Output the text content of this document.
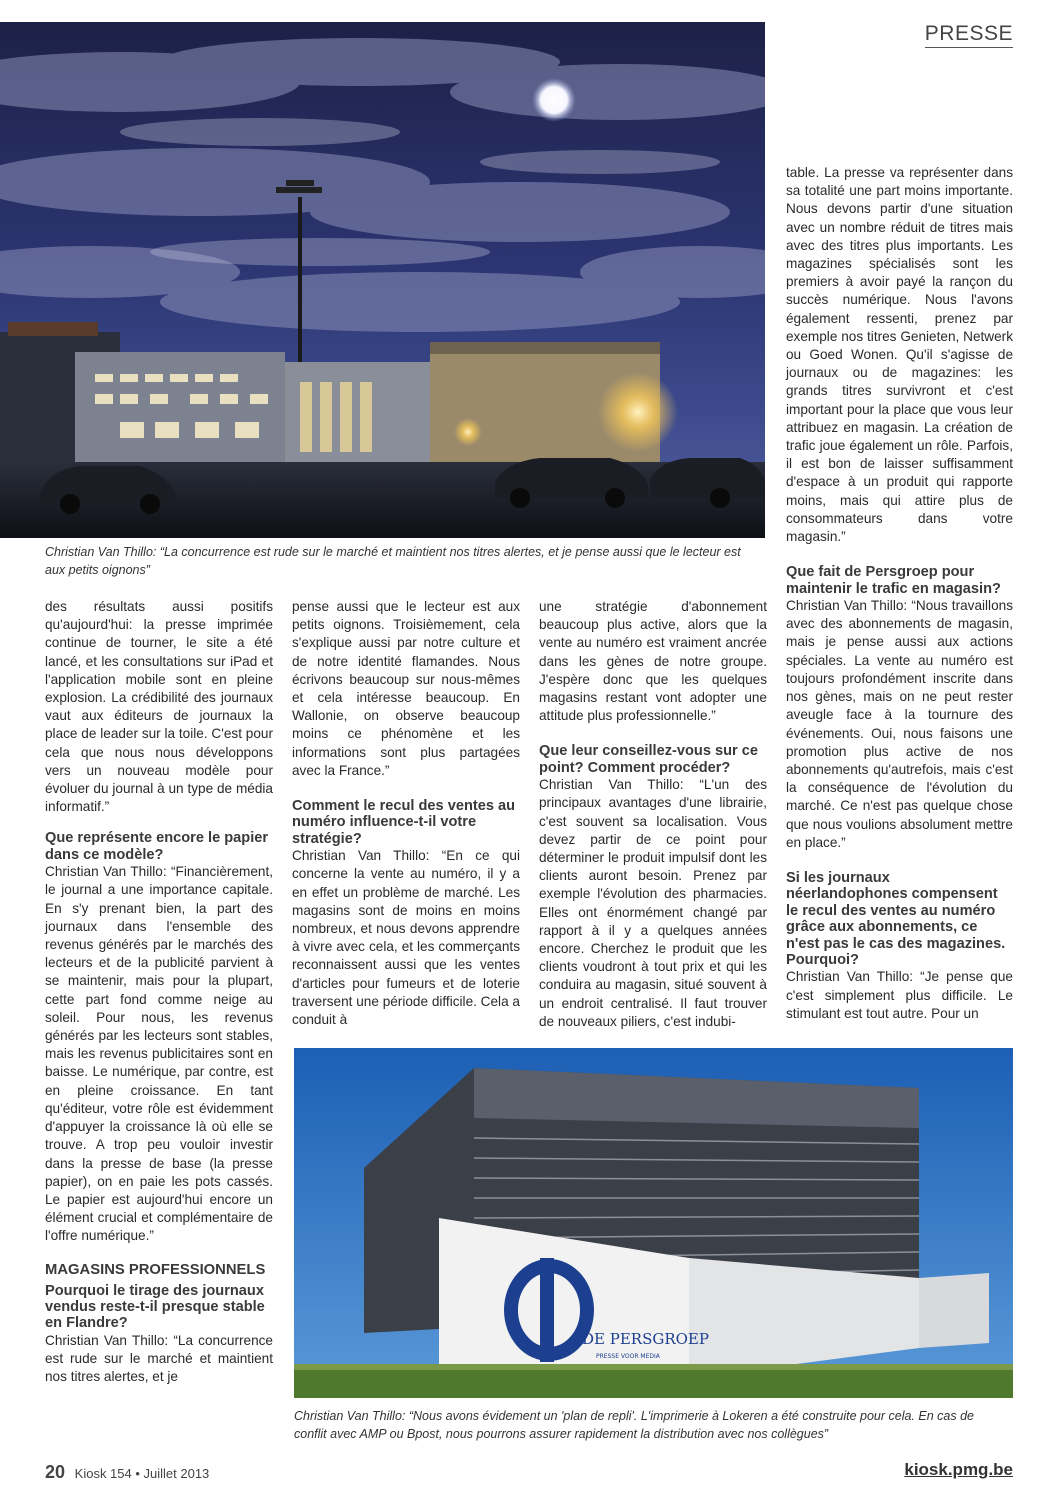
PRESSE
Christian Van Thillo: “La concurrence est rude sur le marché et maintient nos titres alertes, et je pense aussi que le lecteur est aux petits oignons”

des résultats aussi positifs qu'aujourd'hui: la presse imprimée continue de tourner, le site a été lancé, et les consultations sur iPad et l'application mobile sont en pleine explosion. La crédibilité des journaux vaut aux éditeurs de journaux la place de leader sur la toile. C'est pour cela que nous nous développons vers un nouveau modèle pour évoluer du journal à un type de média informatif.”

Que représente encore le papier dans ce modèle?

Christian Van Thillo: “Financièrement, le journal a une importance capitale. En s'y prenant bien, la part des journaux dans l'ensemble des revenus générés par le marchés des lecteurs et de la publicité parvient à se maintenir, mais pour la plupart, cette part fond comme neige au soleil. Pour nous, les revenus générés par les lecteurs sont stables, mais les revenus publicitaires sont en baisse. Le numérique, par contre, est en pleine croissance. En tant qu'éditeur, votre rôle est évidemment d'appuyer la croissance là où elle se trouve. A trop peu vouloir investir dans la presse de base (la presse papier), on en paie les pots cassés. Le papier est aujourd'hui encore un élément crucial et complémentaire de l'offre numérique.”

MAGASINS PROFESSIONNELS
Pourquoi le tirage des journaux vendus reste-t-il presque stable en Flandre?

Christian Van Thillo: “La concurrence est rude sur le marché et maintient nos titres alertes, et je

pense aussi que le lecteur est aux petits oignons. Troisièmement, cela s'explique aussi par notre culture et de notre identité flamandes. Nous écrivons beaucoup sur nous-mêmes et cela intéresse beaucoup. En Wallonie, on observe beaucoup moins ce phénomène et les informations sont plus partagées avec la France.”

Comment le recul des ventes au numéro influence-t-il votre stratégie?

Christian Van Thillo: “En ce qui concerne la vente au numéro, il y a en effet un problème de marché. Les magasins sont de moins en moins nombreux, et nous devons apprendre à vivre avec cela, et les commerçants reconnaissent aussi que les ventes d'articles pour fumeurs et de loterie traversent une période difficile. Cela a conduit à

une stratégie d'abonnement beaucoup plus active, alors que la vente au numéro est vraiment ancrée dans les gènes de notre groupe. J'espère donc que les quelques magasins restant vont adopter une attitude plus professionnelle.”

Que leur conseillez-vous sur ce point? Comment procéder?

Christian Van Thillo: “L'un des principaux avantages d'une librairie, c'est souvent sa localisation. Vous devez partir de ce point pour déterminer le produit impulsif dont les clients auront besoin. Prenez par exemple l'évolution des pharmacies. Elles ont énormément changé par rapport à il y a quelques années encore. Cherchez le produit que les clients voudront à tout prix et qui les conduira au magasin, situé souvent à un endroit centralisé. Il faut trouver de nouveaux piliers, c'est indubi-

table. La presse va représenter dans sa totalité une part moins importante. Nous devons partir d'une situation avec un nombre réduit de titres mais avec des titres plus importants. Les magazines spécialisés sont les premiers à avoir payé la rançon du succès numérique. Nous l'avons également ressenti, prenez par exemple nos titres Genieten, Netwerk ou Goed Wonen. Qu'il s'agisse de journaux ou de magazines: les grands titres survivront et c'est important pour la place que vous leur attribuez en magasin. La création de trafic joue également un rôle. Parfois, il est bon de laisser suffisamment d'espace à un produit qui rapporte moins, mais qui attire plus de consommateurs dans votre magasin.”

Que fait de Persgroep pour maintenir le trafic en magasin?

Christian Van Thillo: “Nous travaillons avec des abonnements de magasin, mais je pense aussi aux actions spéciales. La vente au numéro est toujours profondément inscrite dans nos gènes, mais on ne peut rester aveugle face à la tournure des événements. Oui, nous faisons une promotion plus active de nos abonnements qu'autrefois, mais c'est la conséquence de l'évolution du marché. Ce n'est pas quelque chose que nous voulions absolument mettre en place.”

Si les journaux néerlandophones compensent le recul des ventes au numéro grâce aux abonnements, ce n'est pas le cas des magazines. Pourquoi?

Christian Van Thillo: “Je pense que c'est simplement plus difficile. Le stimulant est tout autre. Pour un

DE PERSGROEP
PRESSE VOOR MEDIA
Christian Van Thillo: “Nous avons évidement un 'plan de repli'. L'imprimerie à Lokeren a été construite pour cela. En cas de conflit avec AMP ou Bpost, nous pourrons assurer rapidement la distribution avec nos collègues”
20 Kiosk 154 • Juillet 2013	kiosk.pmg.be
